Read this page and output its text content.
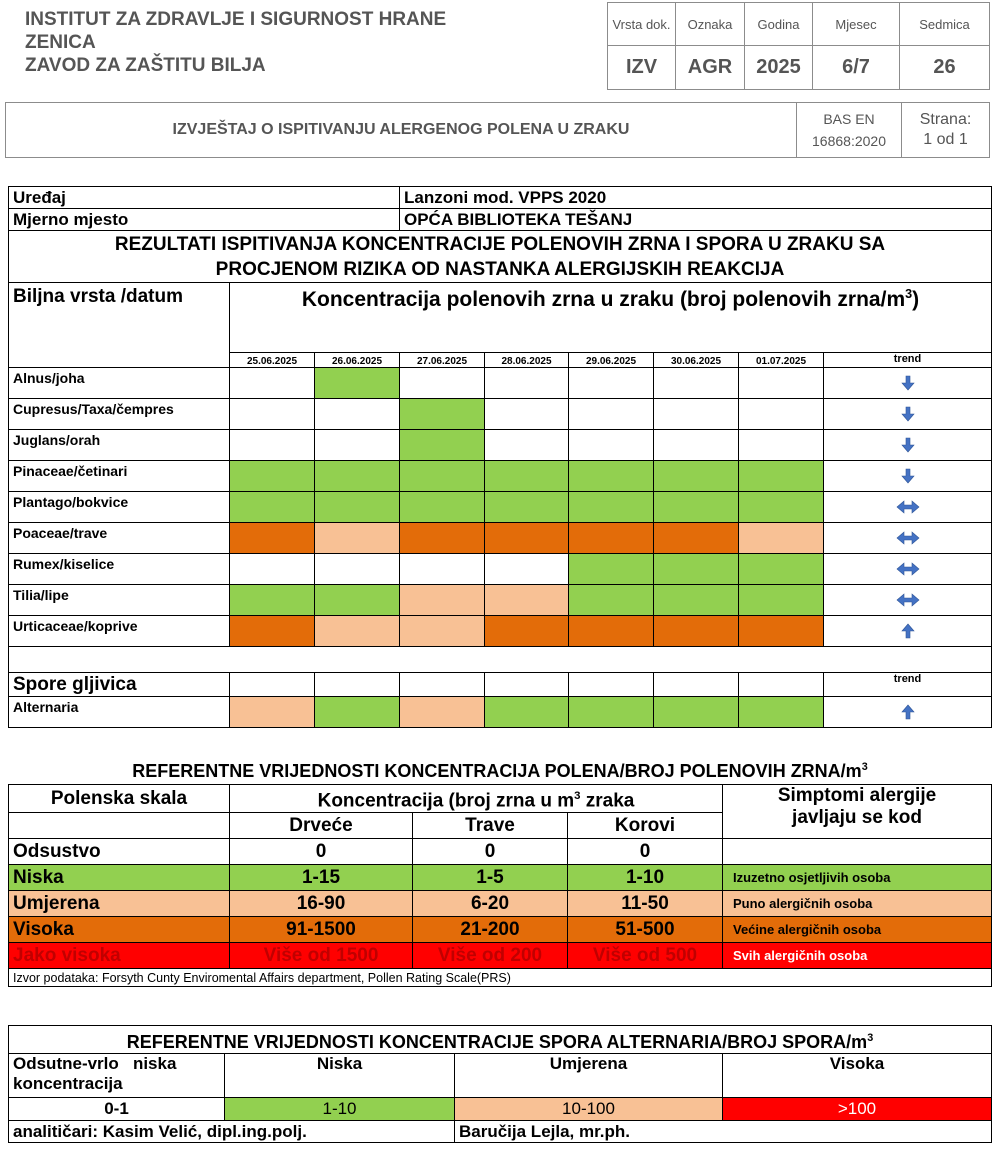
INSTITUT ZA ZDRAVLJE I SIGURNOST HRANE
ZENICA
ZAVOD ZA ZAŠTITU BILJA
Vrsta dok.	Oznaka	Godina	Mjesec	Sedmica
IZV	AGR	2025	6/7	26
IZVJEŠTAJ O ISPITIVANJU ALERGENOG POLENA U ZRAKU	
BAS EN
16868:2020

Strana:
1 od 1
Uređaj			Lanzoni mod. VPPS 2020					
Mjerno mjesto			OPĆA BIBLIOTEKA TEŠANJ					

REZULTATI ISPITIVANJA KONCENTRACIJE POLENOVIH ZRNA I SPORA U ZRAKU SA
PROCJENOM RIZIKA OD NASTANKA ALERGIJSKIH REAKCIJA								

Biljna vrsta /datum	Koncentracija polenovih zrna u zraku (broj polenovih zrna/$m^3$)							
	25.06.2025	26.06.2025	27.06.2025	28.06.2025	29.06.2025	30.06.2025	01.07.2025	trend
Alnus/joha								
Cupresus/Taxa/čempres								
Juglans/orah								
Pinaceae/četinari								
Plantago/bokvice								
Poaceae/trave								
Rumex/kiselice								
Tilia/lipe								
Urticaceae/koprive								

Spore gljivica								trend
Alternaria								
REFERENTNE VRIJEDNOSTI KONCENTRACIJA POLENA/BROJ POLENOVIH ZRNA/$m^3$
Polenska skala	Koncentracija (broj zrna u $m^3$ zraka			Simptomi alergije
javljaju se kod

	Drveće	Trave	Korovi	
Odsustvo	0	0	0	
Niska	1-15	1-5	1-10	Izuzetno osjetljivih osoba
Umjerena	16-90	6-20	11-50	Puno alergičnih osoba
Visoka	91-1500	21-200	51-500	Većine alergičnih osoba
Jako visoka	Više od 1500	Više od 200	Više od 500	Svih alergičnih osoba
Izvor podataka: Forsyth Cunty Enviromental Affairs department, Pollen Rating Scale(PRS)				
REFERENTNE VRIJEDNOSTI KONCENTRACIJE SPORA ALTERNARIA/BROJ SPORA/$m^3$

Odsutne-vrlo   niska
koncentracija	Niska	Umjerena	Visoka
0-1	1-10	10-100	>100
analitičari: Kasim Velić, dipl.ing.polj.		Baručija Lejla, mr.ph.	
